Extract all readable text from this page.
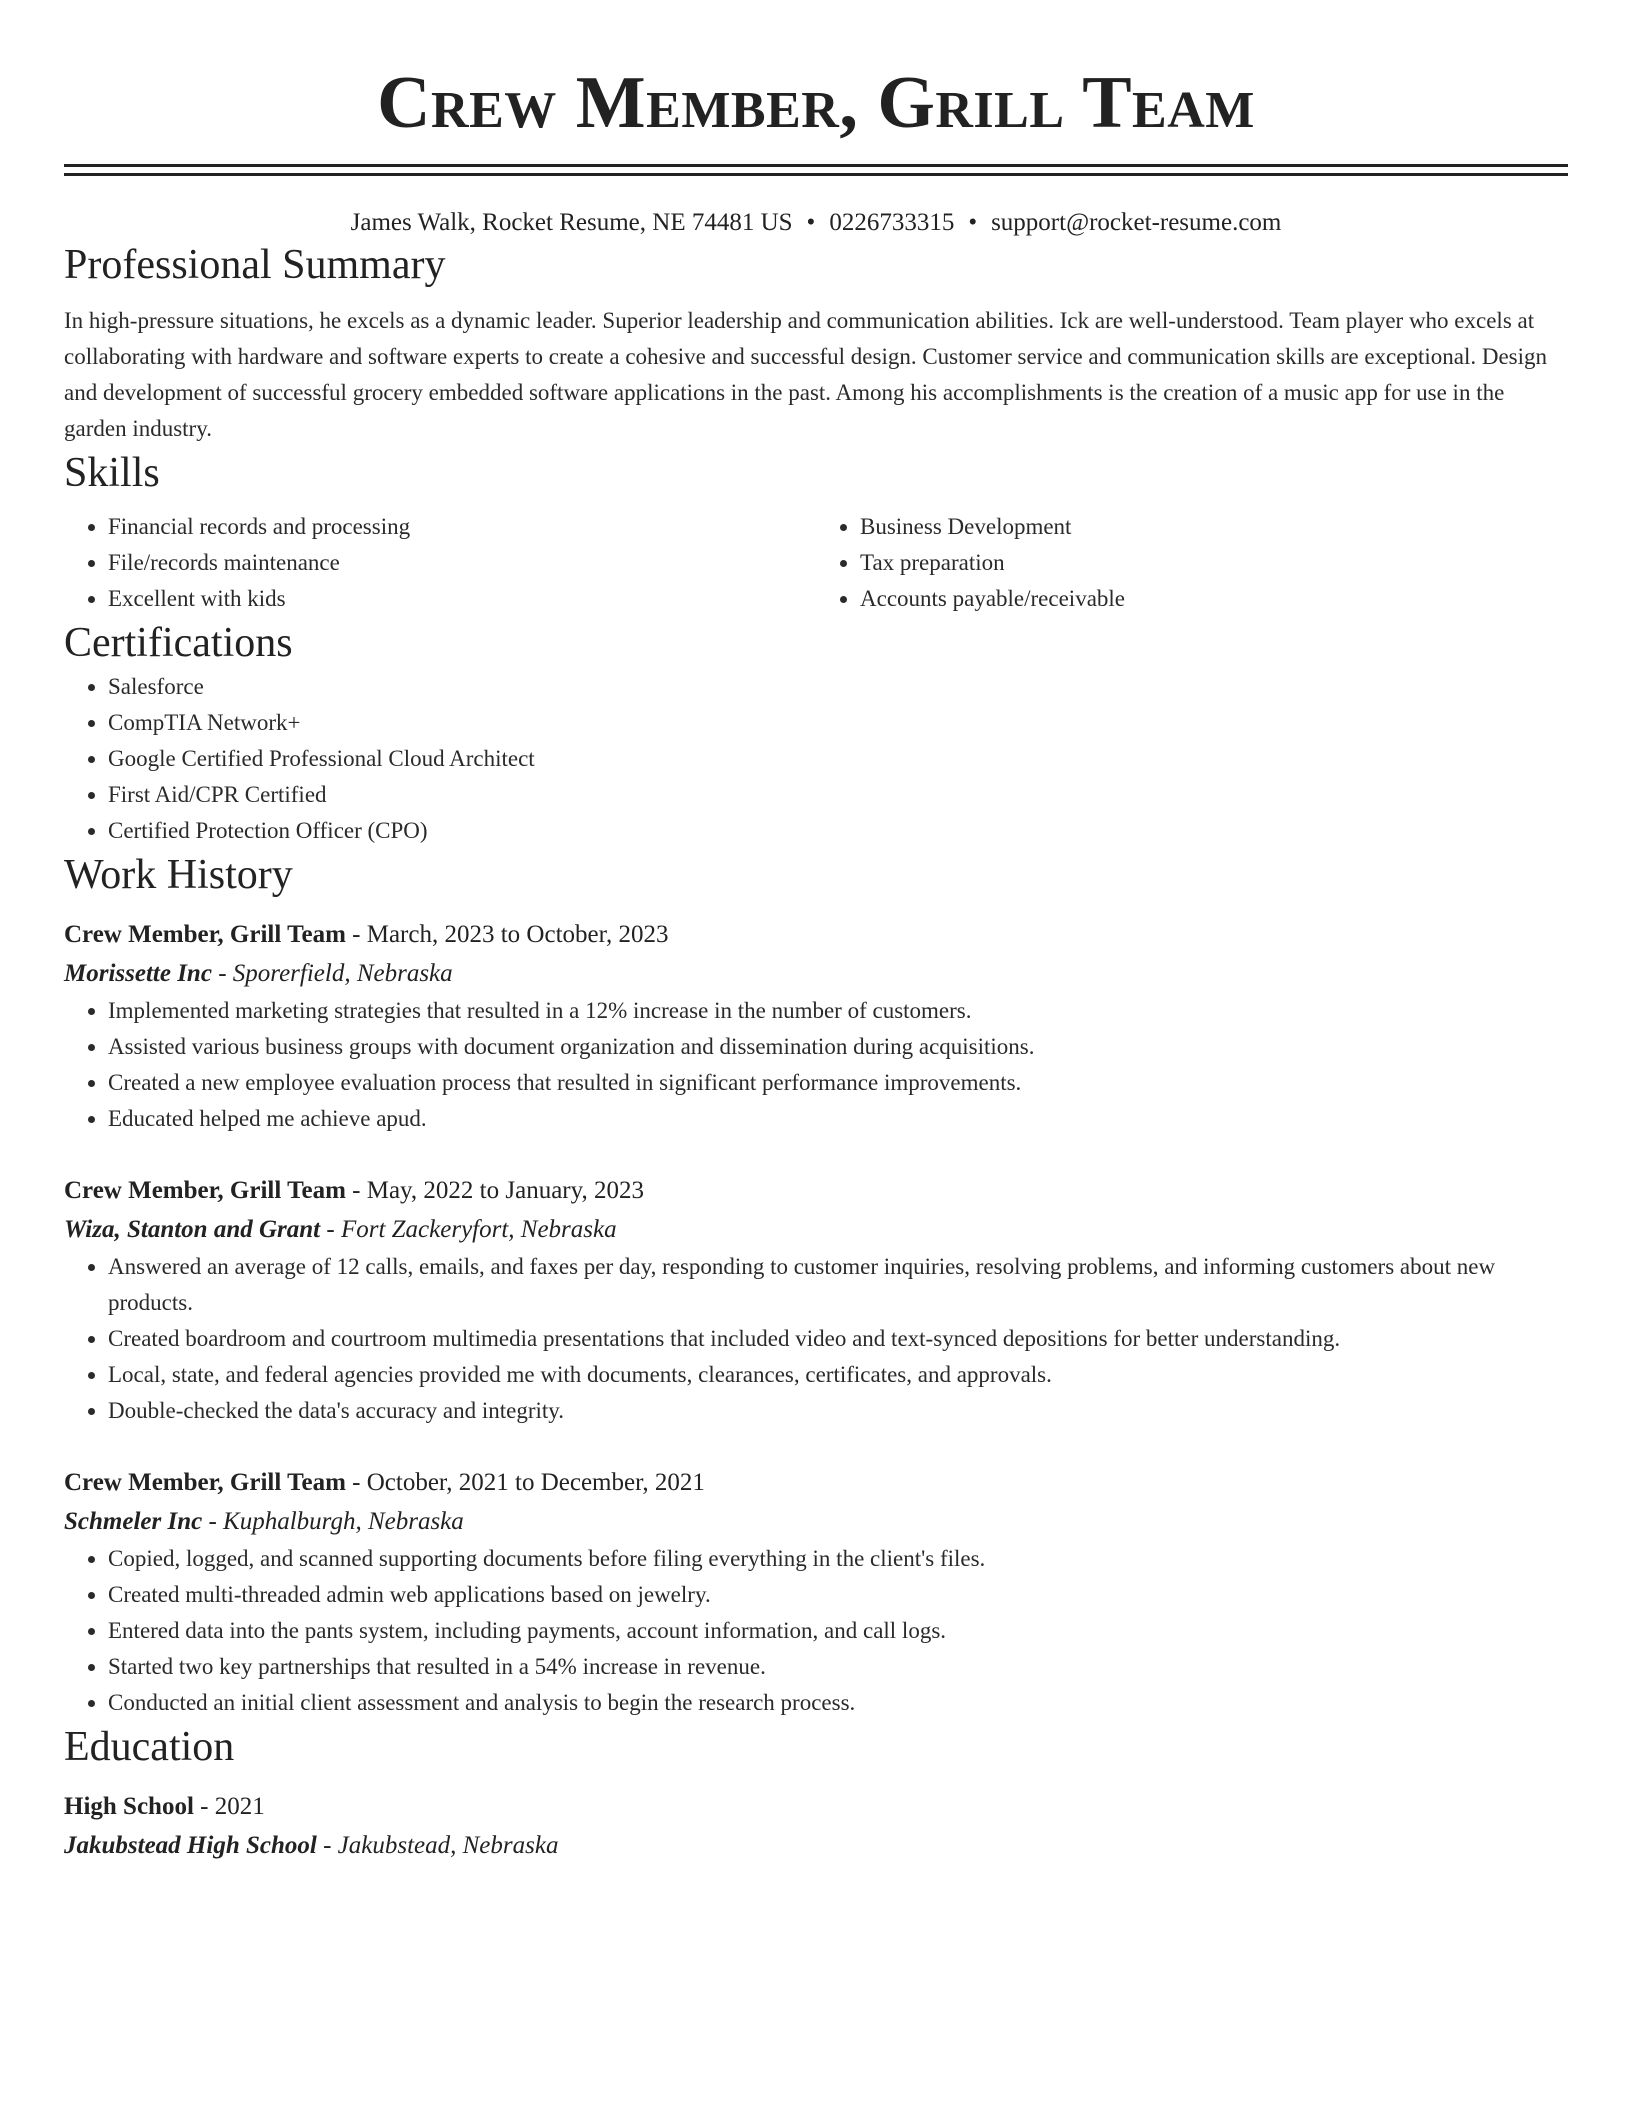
Crew Member, Grill Team
James Walk, Rocket Resume, NE 74481 US • 0226733315 • support@rocket-resume.com
Professional Summary
In high-pressure situations, he excels as a dynamic leader. Superior leadership and communication abilities. Ick are well-understood. Team player who excels at collaborating with hardware and software experts to create a cohesive and successful design. Customer service and communication skills are exceptional. Design and development of successful grocery embedded software applications in the past. Among his accomplishments is the creation of a music app for use in the garden industry.
Skills
• Financial records and processing
• File/records maintenance
• Excellent with kids
• Business Development
• Tax preparation
• Accounts payable/receivable
Certifications
• Salesforce
• CompTIA Network+
• Google Certified Professional Cloud Architect
• First Aid/CPR Certified
• Certified Protection Officer (CPO)
Work History
Crew Member, Grill Team - March, 2023 to October, 2023
Morissette Inc - Sporerfield, Nebraska
• Implemented marketing strategies that resulted in a 12% increase in the number of customers.
• Assisted various business groups with document organization and dissemination during acquisitions.
• Created a new employee evaluation process that resulted in significant performance improvements.
• Educated helped me achieve apud.
Crew Member, Grill Team - May, 2022 to January, 2023
Wiza, Stanton and Grant - Fort Zackeryfort, Nebraska
• Answered an average of 12 calls, emails, and faxes per day, responding to customer inquiries, resolving problems, and informing customers about new products.
• Created boardroom and courtroom multimedia presentations that included video and text-synced depositions for better understanding.
• Local, state, and federal agencies provided me with documents, clearances, certificates, and approvals.
• Double-checked the data's accuracy and integrity.
Crew Member, Grill Team - October, 2021 to December, 2021
Schmeler Inc - Kuphalburgh, Nebraska
• Copied, logged, and scanned supporting documents before filing everything in the client's files.
• Created multi-threaded admin web applications based on jewelry.
• Entered data into the pants system, including payments, account information, and call logs.
• Started two key partnerships that resulted in a 54% increase in revenue.
• Conducted an initial client assessment and analysis to begin the research process.
Education
High School - 2021
Jakubstead High School - Jakubstead, Nebraska
